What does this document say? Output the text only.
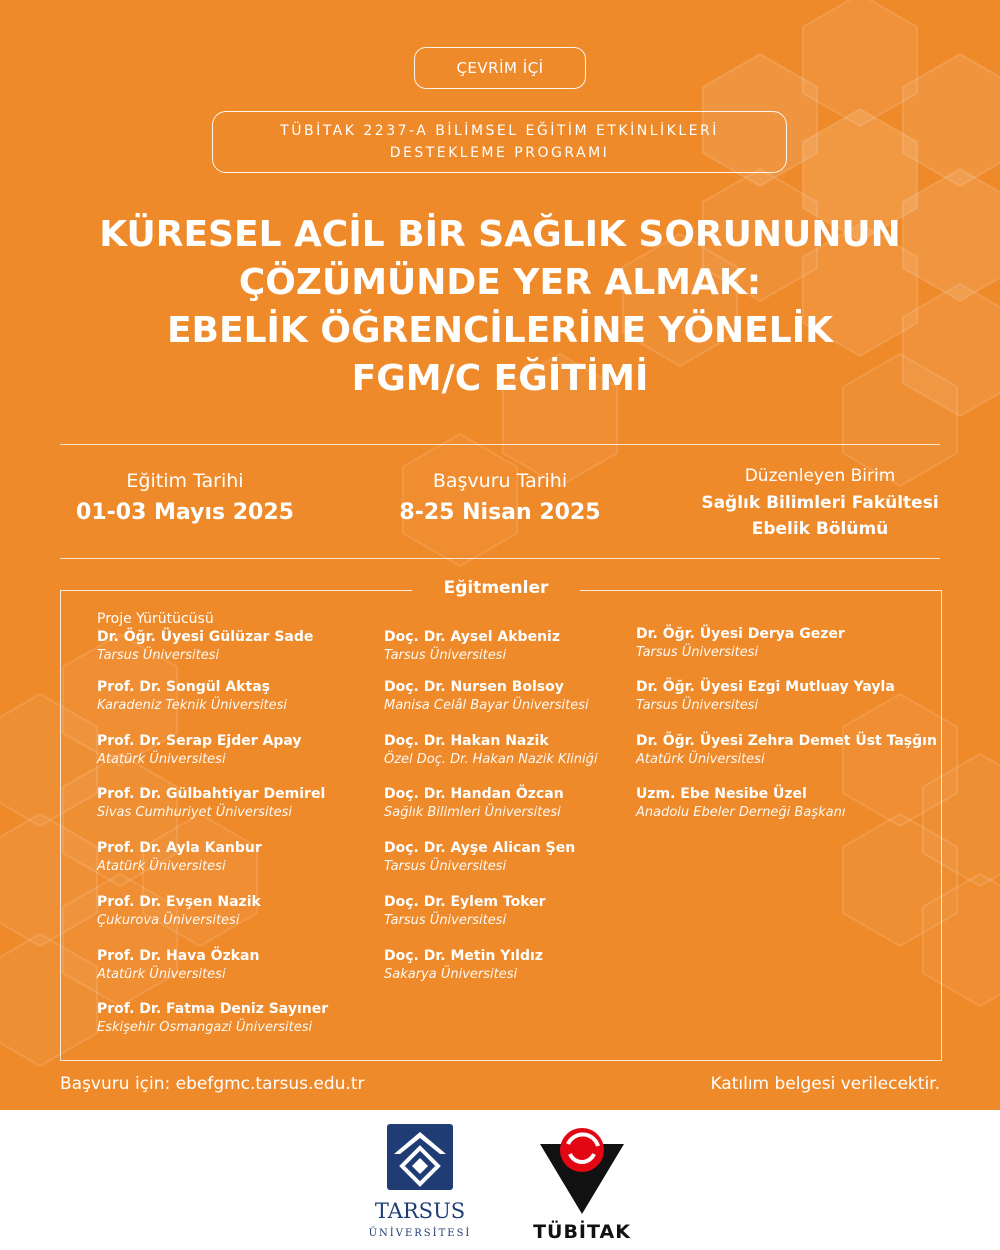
ÇEVRİM İÇİ
TÜBİTAK 2237-A BİLİMSEL EĞİTİM ETKİNLİKLERİ
DESTEKLEME PROGRAMI
KÜRESEL ACİL BİR SAĞLIK SORUNUNUN
ÇÖZÜMÜNDE YER ALMAK:
EBELİK ÖĞRENCİLERİNE YÖNELİK
FGM/C EĞİTİMİ
Eğitim Tarihi
01-03 Mayıs 2025
Başvuru Tarihi
8-25 Nisan 2025
Düzenleyen Birim
Sağlık Bilimleri Fakültesi
Ebelik Bölümü
Eğitmenler
Proje Yürütücüsü
Dr. Öğr. Üyesi Gülüzar Sade
Tarsus Üniversitesi
Prof. Dr. Songül Aktaş
Karadeniz Teknik Üniversitesi
Prof. Dr. Serap Ejder Apay
Atatürk Üniversitesi
Prof. Dr. Gülbahtiyar Demirel
Sivas Cumhuriyet Üniversitesi
Prof. Dr. Ayla Kanbur
Atatürk Üniversitesi
Prof. Dr. Evşen Nazik
Çukurova Üniversitesi
Prof. Dr. Hava Özkan
Atatürk Üniversitesi
Prof. Dr. Fatma Deniz Sayıner
Eskişehir Osmangazi Üniversitesi
Doç. Dr. Aysel Akbeniz
Tarsus Üniversitesi
Doç. Dr. Nursen Bolsoy
Manisa Celâl Bayar Üniversitesi
Doç. Dr. Hakan Nazik
Özel Doç. Dr. Hakan Nazik Kliniği
Doç. Dr. Handan Özcan
Sağlık Bilimleri Üniversitesi
Doç. Dr. Ayşe Alican Şen
Tarsus Üniversitesi
Doç. Dr. Eylem Toker
Tarsus Üniversitesi
Doç. Dr. Metin Yıldız
Sakarya Üniversitesi
Dr. Öğr. Üyesi Derya Gezer
Tarsus Üniversitesi
Dr. Öğr. Üyesi Ezgi Mutluay Yayla
Tarsus Üniversitesi
Dr. Öğr. Üyesi Zehra Demet Üst Taşğın
Atatürk Üniversitesi
Uzm. Ebe Nesibe Üzel
Anadolu Ebeler Derneği Başkanı
Başvuru için: ebefgmc.tarsus.edu.tr	Katılım belgesi verilecektir.
TARSUS
ÜNİVERSİTESİ	TÜBİTAK
